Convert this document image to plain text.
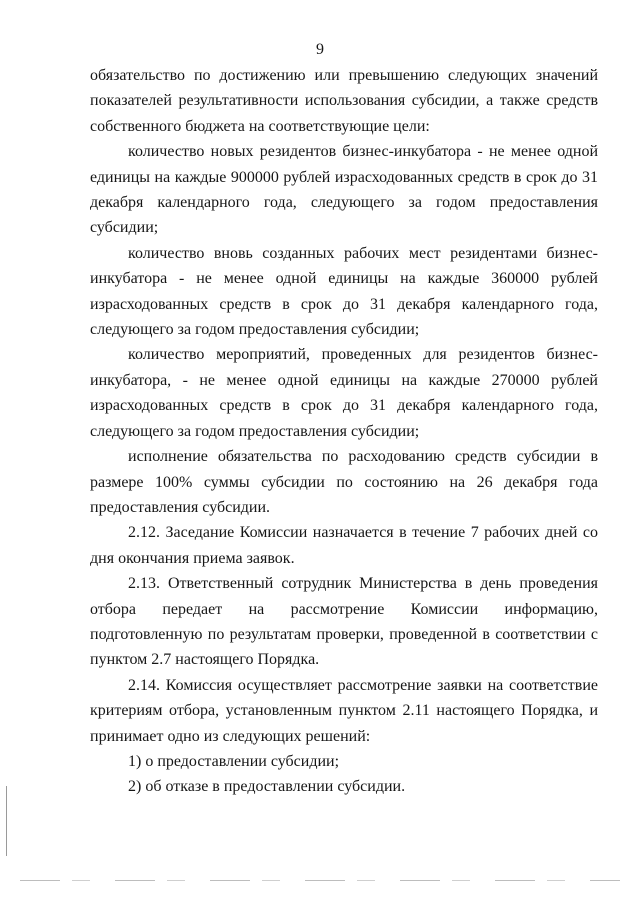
9

обязательство по достижению или превышению следующих значений показателей результативности использования субсидии, а также средств собственного бюджета на соответствующие цели:

количество новых резидентов бизнес-инкубатора - не менее одной единицы на каждые 900000 рублей израсходованных средств в срок до 31 декабря календарного года, следующего за годом предоставления субсидии;

количество вновь созданных рабочих мест резидентами бизнес-инкубатора - не менее одной единицы на каждые 360000 рублей израсходованных средств в срок до 31 декабря календарного года, следующего за годом предоставления субсидии;

количество мероприятий, проведенных для резидентов бизнес-инкубатора, - не менее одной единицы на каждые 270000 рублей израсходованных средств в срок до 31 декабря календарного года, следующего за годом предоставления субсидии;

исполнение обязательства по расходованию средств субсидии в размере 100% суммы субсидии по состоянию на 26 декабря года предоставления субсидии.

2.12. Заседание Комиссии назначается в течение 7 рабочих дней со дня окончания приема заявок.

2.13. Ответственный сотрудник Министерства в день проведения отбора передает на рассмотрение Комиссии информацию, подготовленную по результатам проверки, проведенной в соответствии с пунктом 2.7 настоящего Порядка.

2.14. Комиссия осуществляет рассмотрение заявки на соответствие критериям отбора, установленным пунктом 2.11 настоящего Порядка, и принимает одно из следующих решений:

1) о предоставлении субсидии;

2) об отказе в предоставлении субсидии.
